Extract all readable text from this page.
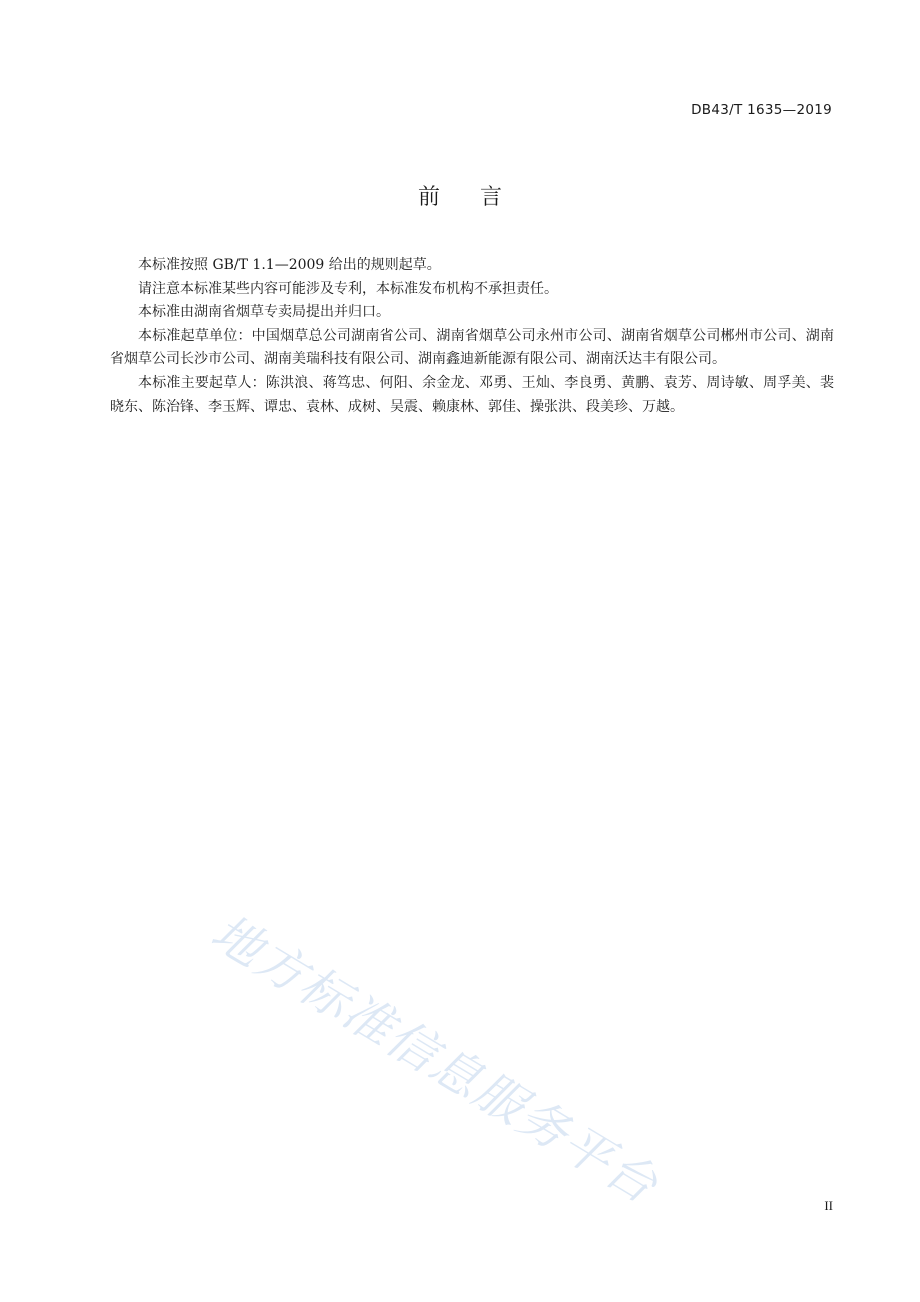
DB43/T 1635—2019
前言

本标准按照 GB/T 1.1—2009 给出的规则起草。

请注意本标准某些内容可能涉及专利，本标准发布机构不承担责任。

本标准由湖南省烟草专卖局提出并归口。

本标准起草单位：中国烟草总公司湖南省公司、湖南省烟草公司永州市公司、湖南省烟草公司郴州市公司、湖南省烟草公司长沙市公司、湖南美瑞科技有限公司、湖南鑫迪新能源有限公司、湖南沃达丰有限公司。

本标准主要起草人：陈洪浪、蒋笃忠、何阳、余金龙、邓勇、王灿、李良勇、黄鹏、袁芳、周诗敏、周孚美、裴晓东、陈治锋、李玉辉、谭忠、袁林、成树、吴震、赖康林、郭佳、操张洪、段美珍、万越。

地方标准信息服务平台	II
